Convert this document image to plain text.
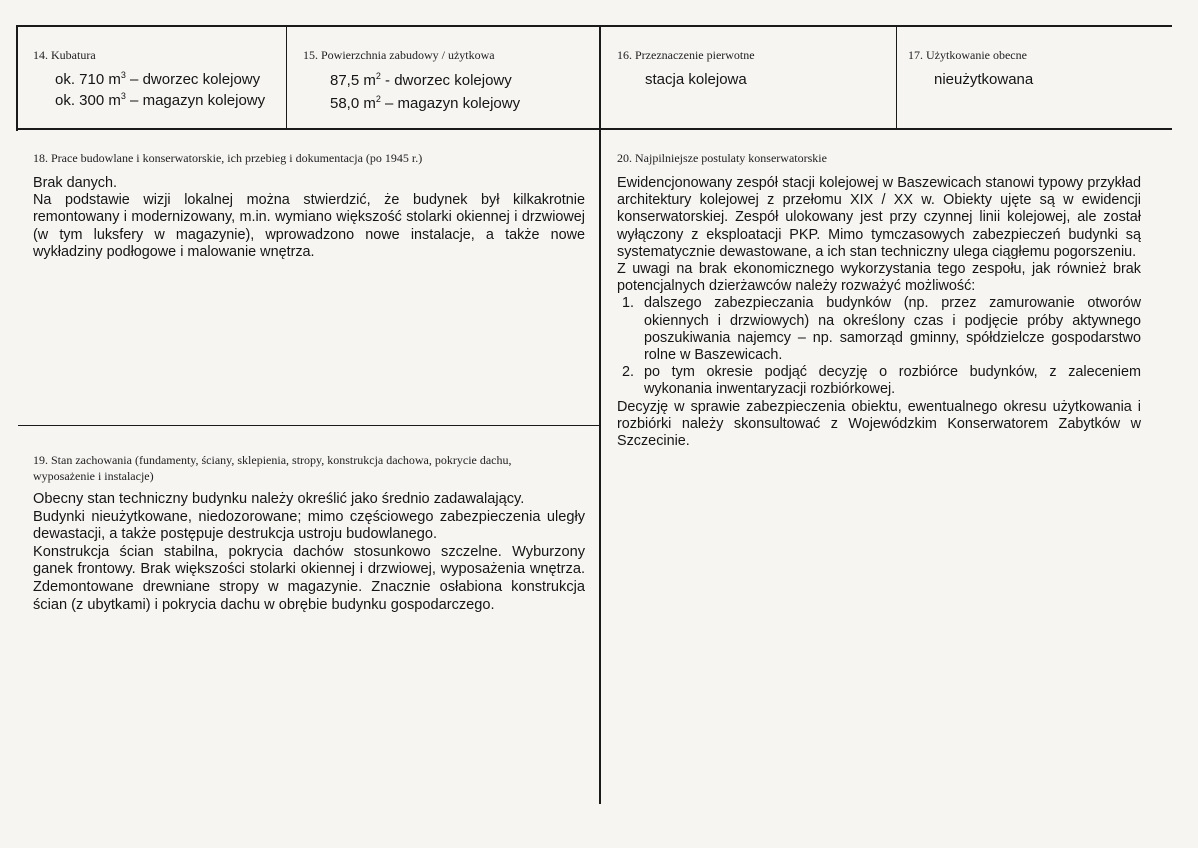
14. Kubatura
ok. 710 $m^3$ – dworzec kolejowy
ok. 300 $m^3$ – magazyn kolejowy
15. Powierzchnia zabudowy / użytkowa
87,5 $m^2$ - dworzec kolejowy
58,0 $m^2$ – magazyn kolejowy
16. Przeznaczenie pierwotne
stacja kolejowa
17. Użytkowanie obecne
nieużytkowana
18. Prace budowlane i konserwatorskie, ich przebieg i dokumentacja (po 1945 r.)

Brak danych.

Na podstawie wizji lokalnej można stwierdzić, że budynek był kilkakrotnie remontowany i modernizowany, m.in. wymiano większość stolarki okiennej i drzwiowej (w tym luksfery w magazynie), wprowadzono nowe instalacje, a także nowe wykładziny podłogowe i malowanie wnętrza.

19. Stan zachowania (fundamenty, ściany, sklepienia, stropy, konstrukcja dachowa, pokrycie dachu, wyposażenie i instalacje)

Obecny stan techniczny budynku należy określić jako średnio zadawalający.

Budynki nieużytkowane, niedozorowane; mimo częściowego zabezpieczenia uległy dewastacji, a także postępuje destrukcja ustroju budowlanego.

Konstrukcja ścian stabilna, pokrycia dachów stosunkowo szczelne. Wyburzony ganek frontowy. Brak większości stolarki okiennej i drzwiowej, wyposażenia wnętrza. Zdemontowane drewniane stropy w magazynie. Znacznie osłabiona konstrukcja ścian (z ubytkami) i pokrycia dachu w obrębie budynku gospodarczego.

20. Najpilniejsze postulaty konserwatorskie

Ewidencjonowany zespół stacji kolejowej w Baszewicach stanowi typowy przykład architektury kolejowej z przełomu XIX / XX w. Obiekty ujęte są w ewidencji konserwatorskiej. Zespół ulokowany jest przy czynnej linii kolejowej, ale został wyłączony z eksploatacji PKP. Mimo tymczasowych zabezpieczeń budynki są systematycznie dewastowane, a ich stan techniczny ulega ciągłemu pogorszeniu.

Z uwagi na brak ekonomicznego wykorzystania tego zespołu, jak również brak potencjalnych dzierżawców należy rozważyć możliwość:

1. dalszego zabezpieczania budynków (np. przez zamurowanie otworów okiennych i drzwiowych) na określony czas i podjęcie próby aktywnego poszukiwania najemcy – np. samorząd gminny, spółdzielcze gospodarstwo rolne w Baszewicach.
2. po tym okresie podjąć decyzję o rozbiórce budynków, z zaleceniem wykonania inwentaryzacji rozbiórkowej.

Decyzję w sprawie zabezpieczenia obiektu, ewentualnego okresu użytkowania i rozbiórki należy skonsultować z Wojewódzkim Konserwatorem Zabytków w Szczecinie.
